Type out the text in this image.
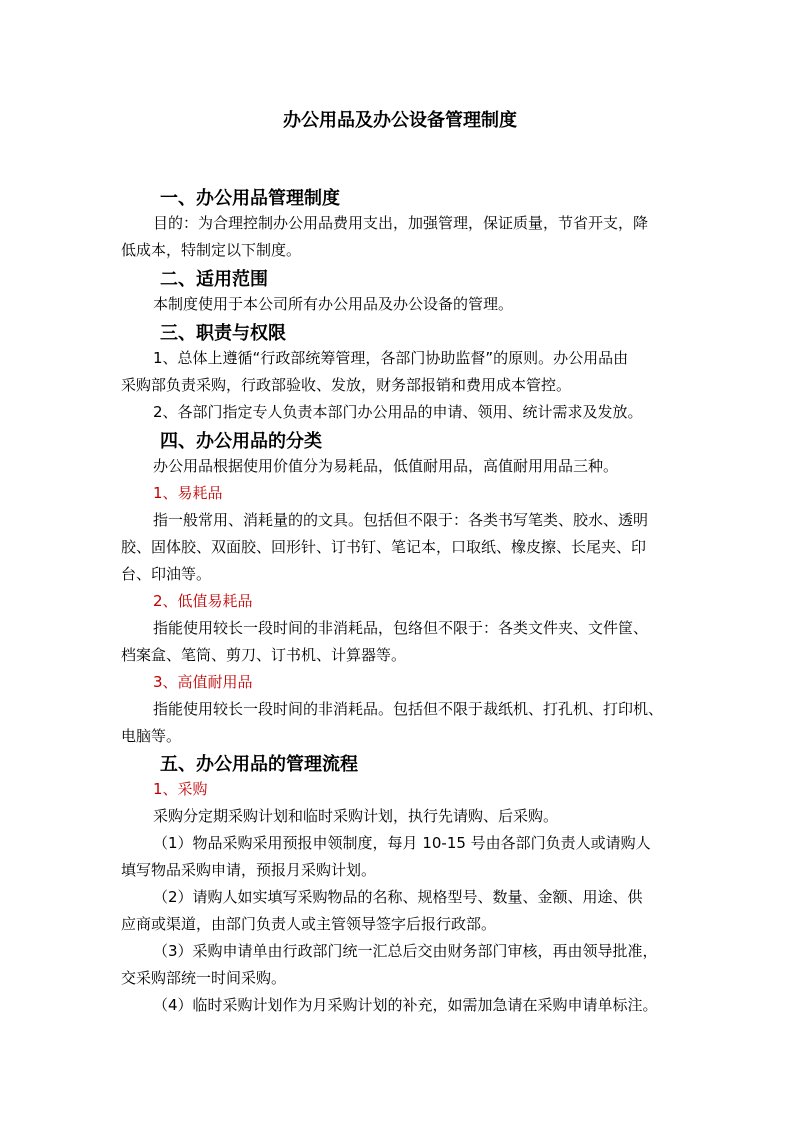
办公用品及办公设备管理制度
一、办公用品管理制度
目的：为合理控制办公用品费用支出，加强管理，保证质量，节省开支，降
低成本，特制定以下制度。
二、适用范围
本制度使用于本公司所有办公用品及办公设备的管理。
三、职责与权限
1、总体上遵循“行政部统筹管理，各部门协助监督”的原则。办公用品由
采购部负责采购，行政部验收、发放，财务部报销和费用成本管控。
2、各部门指定专人负责本部门办公用品的申请、领用、统计需求及发放。
四、办公用品的分类
办公用品根据使用价值分为易耗品，低值耐用品，高值耐用用品三种。
1、易耗品
指一般常用、消耗量的的文具。包括但不限于：各类书写笔类、胶水、透明
胶、固体胶、双面胶、回形针、订书钉、笔记本，口取纸、橡皮擦、长尾夹、印
台、印油等。
2、低值易耗品
指能使用较长一段时间的非消耗品，包络但不限于：各类文件夹、文件筐、
档案盒、笔筒、剪刀、订书机、计算器等。
3、高值耐用品
指能使用较长一段时间的非消耗品。包括但不限于裁纸机、打孔机、打印机、
电脑等。
五、办公用品的管理流程
1、采购
采购分定期采购计划和临时采购计划，执行先请购、后采购。
（1）物品采购采用预报申领制度，每月 10-15 号由各部门负责人或请购人
填写物品采购申请，预报月采购计划。
（2）请购人如实填写采购物品的名称、规格型号、数量、金额、用途、供
应商或渠道，由部门负责人或主管领导签字后报行政部。
（3）采购申请单由行政部门统一汇总后交由财务部门审核，再由领导批准，
交采购部统一时间采购。
（4）临时采购计划作为月采购计划的补充，如需加急请在采购申请单标注。
